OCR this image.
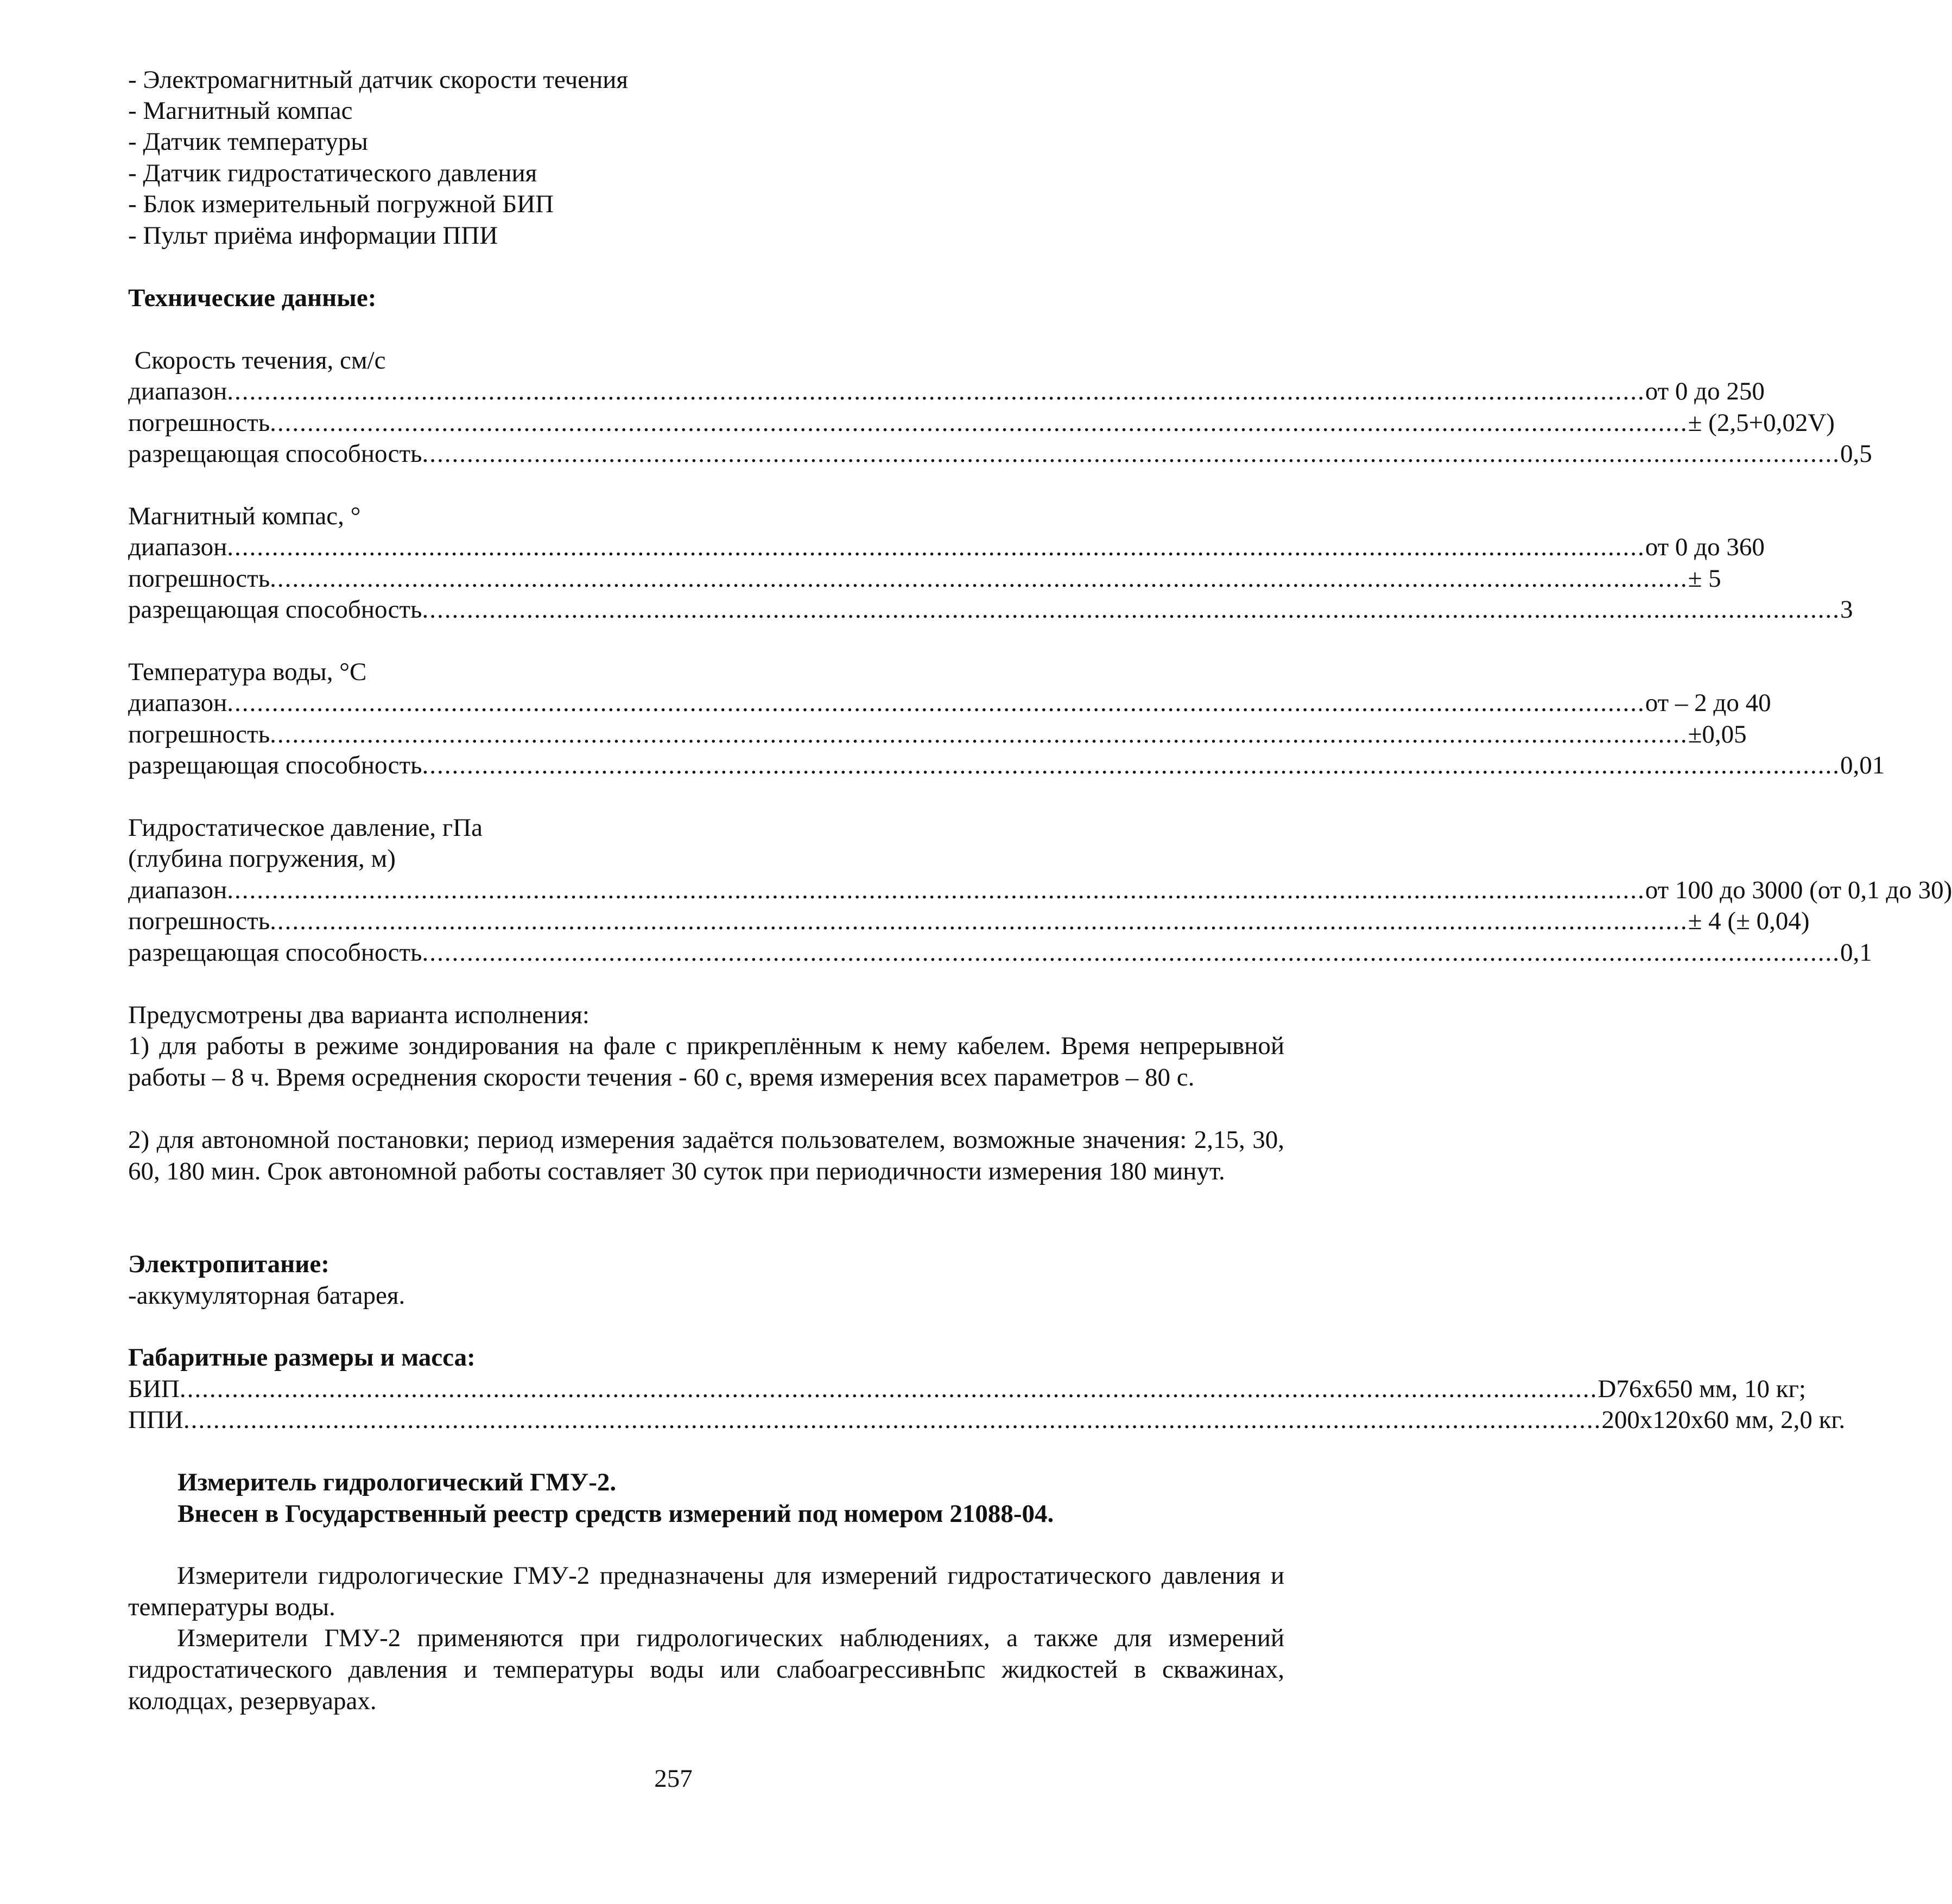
- Электромагнитный датчик скорости течения
- Магнитный компас
- Датчик температуры
- Датчик гидростатического давления
- Блок измерительный погружной БИП
- Пульт приёма информации ППИ
Технические данные:
Скорость течения, см/с
диапазон .............................................................................................................................................................................................. от 0 до 250
погрешность .............................................................................................................................................................................................. ± (2,5+0,02V)
разрещающая способность .............................................................................................................................................................................................. 0,5
Магнитный компас, °
диапазон .............................................................................................................................................................................................. от 0 до 360
погрешность .............................................................................................................................................................................................. ± 5
разрещающая способность .............................................................................................................................................................................................. 3
Температура воды, °С
диапазон .............................................................................................................................................................................................. от – 2 до 40
погрешность .............................................................................................................................................................................................. ±0,05
разрещающая способность .............................................................................................................................................................................................. 0,01
Гидростатическое давление, гПа
(глубина погружения, м)
диапазон .............................................................................................................................................................................................. от 100 до 3000 (от 0,1 до 30)
погрешность .............................................................................................................................................................................................. ± 4 (± 0,04)
разрещающая способность .............................................................................................................................................................................................. 0,1
Предусмотрены два варианта исполнения:
1) для работы в режиме зондирования на фале с прикреплённым к нему кабелем. Время непрерывной работы – 8 ч. Время осреднения скорости течения - 60 с, время измерения всех параметров – 80 с.
2) для автономной постановки; период измерения задаётся пользователем, возможные значения: 2,15, 30, 60, 180 мин. Срок автономной работы составляет 30 суток при периодичности измерения 180 минут.
Электропитание:
-аккумуляторная батарея.
Габаритные размеры и масса:
БИП .............................................................................................................................................................................................. D76x650 мм, 10 кг;
ППИ .............................................................................................................................................................................................. 200x120x60 мм, 2,0 кг.
Измеритель гидрологический ГМУ-2.
Внесен в Государственный реестр средств измерений под номером 21088-04.
Измерители гидрологические ГМУ-2 предназначены для измерений гидростатического давления и температуры воды.
Измерители ГМУ-2 применяются при гидрологических наблюдениях, а также для измерений гидростатического давления и температуры воды или слабоагрессивнЬпс жидкостей в скважинах, колодцах, резервуарах.
257
